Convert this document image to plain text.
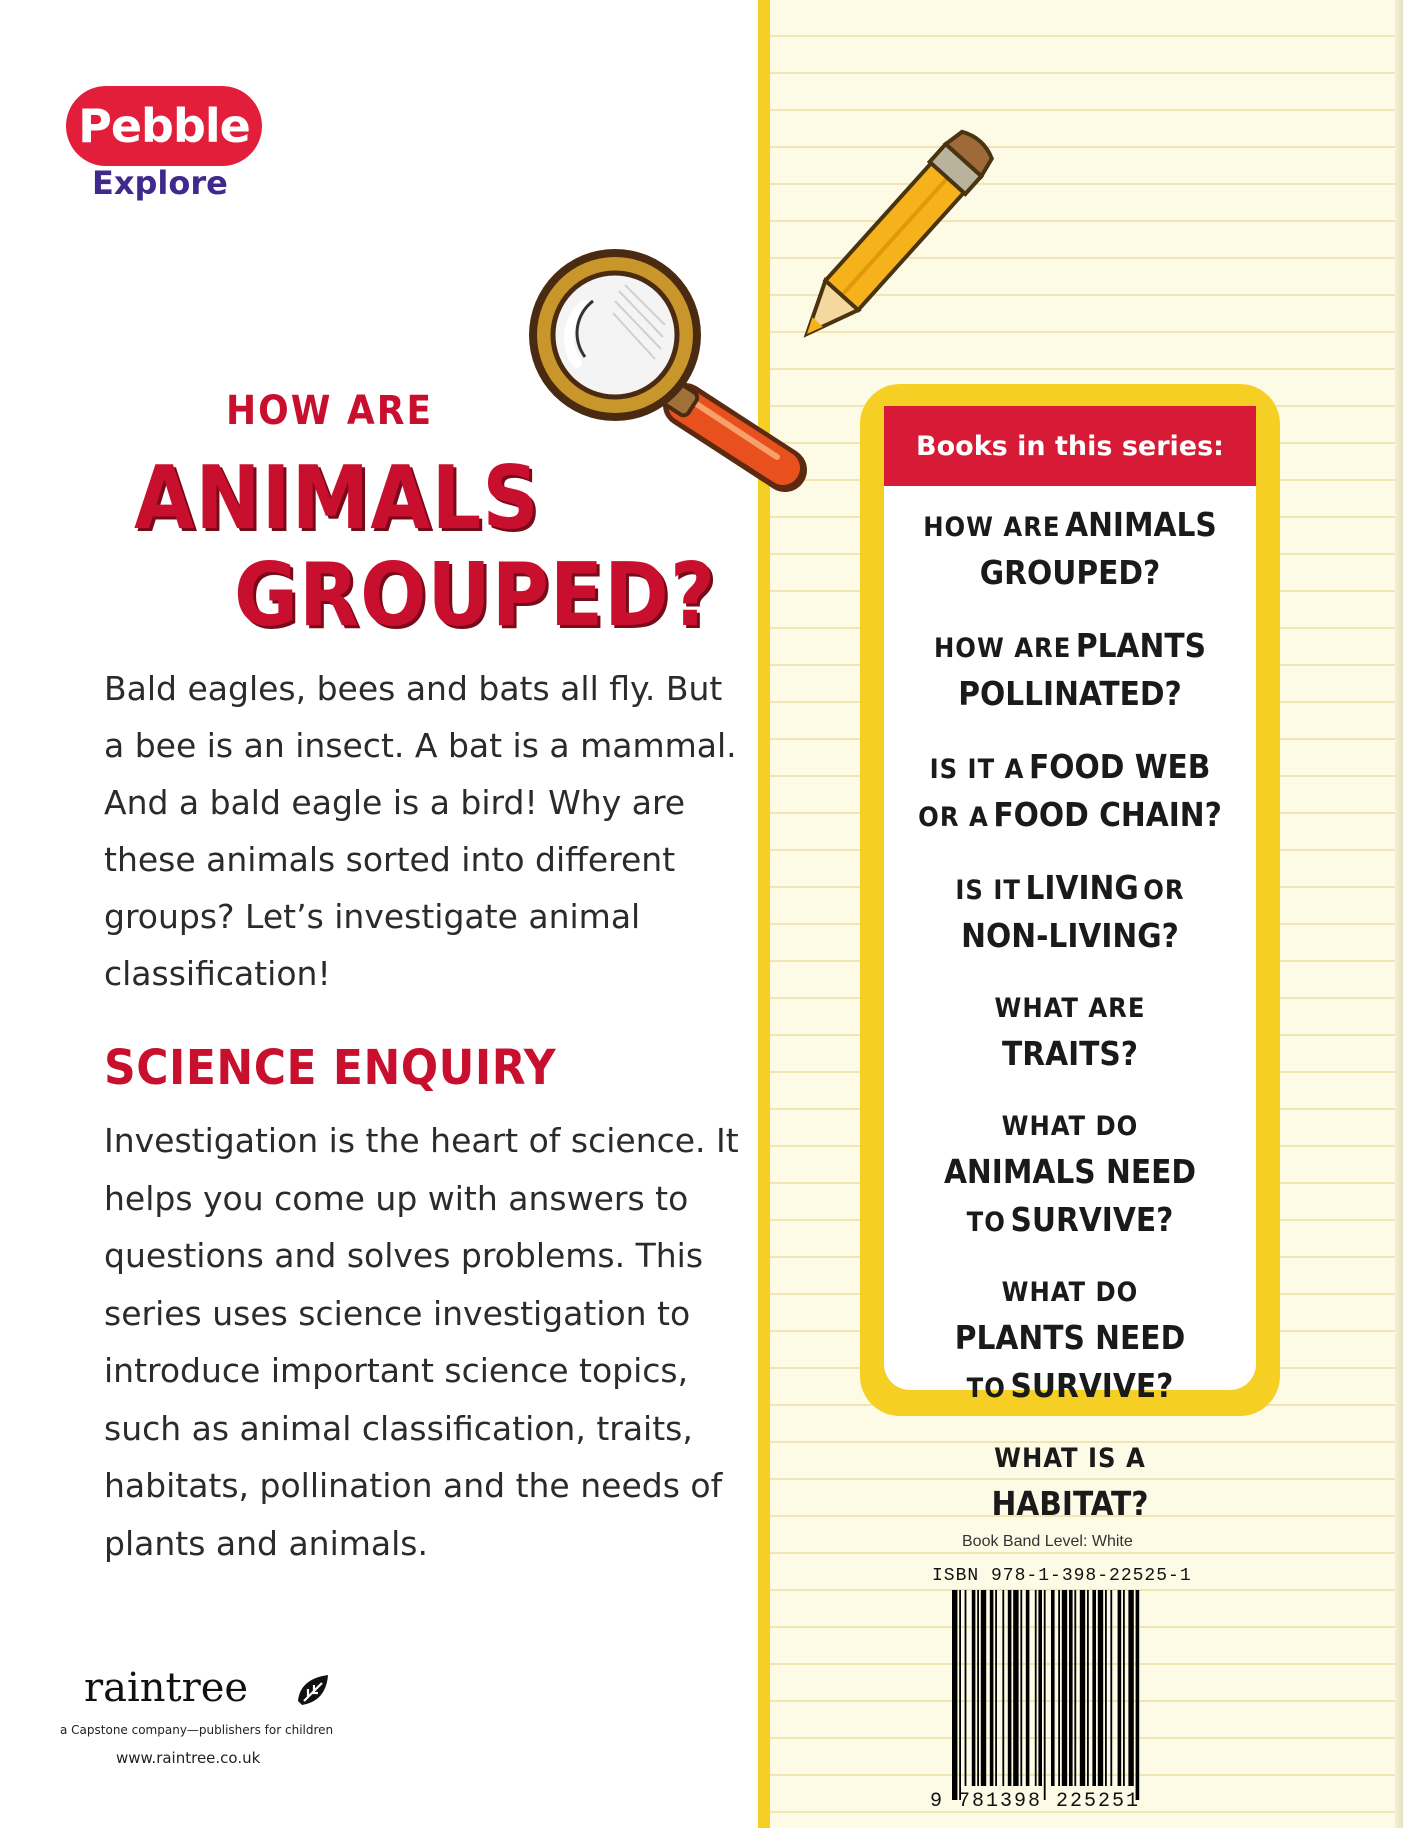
Pebble
Explore
HOW ARE
ANIMALS
GROUPED?

Bald eagles, bees and bats all fly. But a bee is an insect. A bat is a mammal. And a bald eagle is a bird! Why are these animals sorted into different groups? Let’s investigate animal classification!

SCIENCE ENQUIRY

Investigation is the heart of science. It helps you come up with answers to questions and solves problems. This series uses science investigation to introduce important science topics, such as animal classification, traits, habitats, pollination and the needs of plants and animals.

raintree
a Capstone company—publishers for children
www.raintree.co.uk
Books in this series:
HOW ARE ANIMALS
GROUPED?
HOW ARE PLANTS
POLLINATED?
IS IT A FOOD WEB
OR A FOOD CHAIN?
IS IT LIVING OR
NON-LIVING?
WHAT ARE
TRAITS?
WHAT DO
ANIMALS NEED
TO SURVIVE?
WHAT DO
PLANTS NEED
TO SURVIVE?
WHAT IS A
HABITAT?
Book Band Level: White
ISBN 978-1-398-22525-1
9 781398 225251
